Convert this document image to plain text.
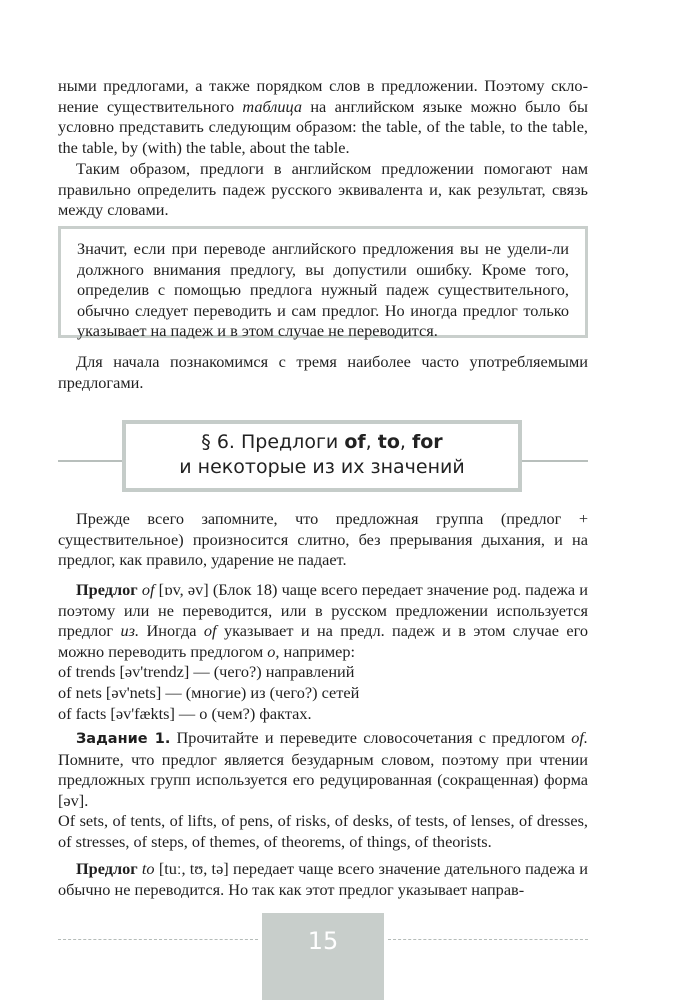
ными предлогами, а также порядком слов в предложении. Поэтому скло-
нение существительного таблица на английском языке можно было бы
условно представить следующим образом: the table, of the table, to the table,
the table, by (with) the table, about the table.

Таким образом, предлоги в английском предложении помогают нам правильно определить падеж русского эквивалента и, как результат, связь между словами.

Значит, если при переводе английского предложения вы не удели-ли должного внимания предлогу, вы допустили ошибку. Кроме того, определив с помощью предлога нужный падеж существительного, обычно следует переводить и сам предлог. Но иногда предлог только указывает на падеж и в этом случае не переводится.

Для начала познакомимся с тремя наиболее часто употребляемыми предлогами.

§ 6. Предлоги of, to, for
и некоторые из их значений

Прежде всего запомните, что предложная группа (предлог + существительное) произносится слитно, без прерывания дыхания, и на предлог, как правило, ударение не падает.

Предлог of [ɒv, əv] (Блок 18) чаще всего передает значение род. падежа и поэтому или не переводится, или в русском предложении используется предлог из. Иногда of указывает и на предл. падеж и в этом случае его можно переводить предлогом о, например:
of trends [əv'trendz] — (чего?) направлений
of nets [əv'nets] — (многие) из (чего?) сетей
of facts [əv'fækts] — о (чем?) фактах.

Задание 1. Прочитайте и переведите словосочетания с предлогом of. Помните, что предлог является безударным словом, поэтому при чтении предложных групп используется его редуцированная (сокращенная) форма [əv].

Of sets, of tents, of lifts, of pens, of risks, of desks, of tests, of lenses, of dresses, of stresses, of steps, of themes, of theorems, of things, of theorists.

Предлог to [tuː, tʊ, tə] передает чаще всего значение дательного падежа и обычно не переводится. Но так как этот предлог указывает направ-

15
